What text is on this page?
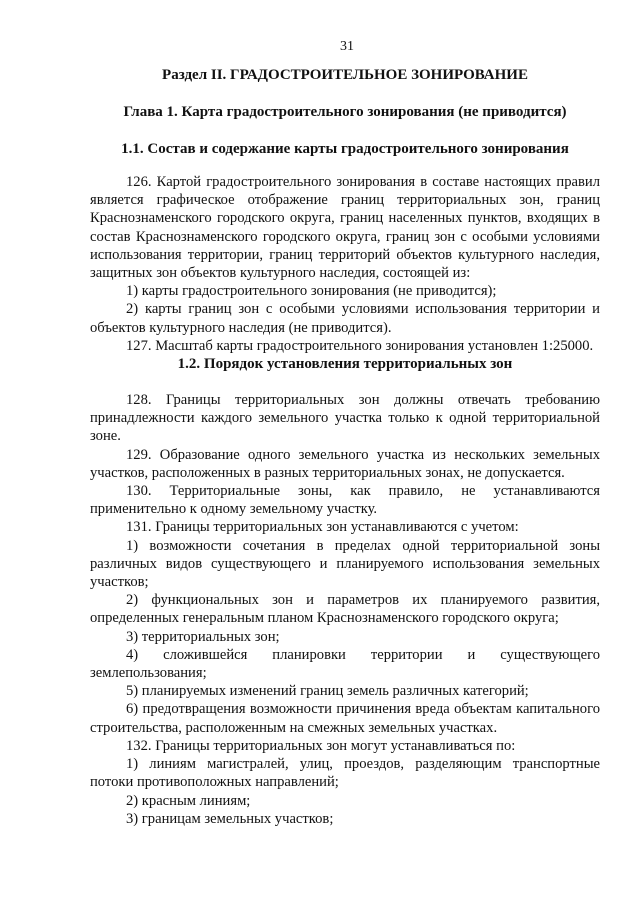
31
Раздел II. ГРАДОСТРОИТЕЛЬНОЕ ЗОНИРОВАНИЕ
Глава 1. Карта градостроительного зонирования (не приводится)
1.1. Состав и содержание карты градостроительного зонирования

126. Картой градостроительного зонирования в составе настоящих правил является графическое отображение границ территориальных зон, границ Краснознаменского городского округа, границ населенных пунктов, входящих в состав Краснознаменского городского округа, границ зон с особыми условиями использования территории, границ территорий объектов культурного наследия, защитных зон объектов культурного наследия, состоящей из:

1) карты градостроительного зонирования (не приводится);

2) карты границ зон с особыми условиями использования территории и объектов культурного наследия (не приводится).

127. Масштаб карты градостроительного зонирования установлен 1:25000.

1.2. Порядок установления территориальных зон

128. Границы территориальных зон должны отвечать требованию принадлежности каждого земельного участка только к одной территориальной зоне.

129. Образование одного земельного участка из нескольких земельных участков, расположенных в разных территориальных зонах, не допускается.

130. Территориальные зоны, как правило, не устанавливаются применительно к одному земельному участку.

131. Границы территориальных зон устанавливаются с учетом:

1) возможности сочетания в пределах одной территориальной зоны различных видов существующего и планируемого использования земельных участков;

2) функциональных зон и параметров их планируемого развития, определенных генеральным планом Краснознаменского городского округа;

3) территориальных зон;

4) сложившейся планировки территории и существующего землепользования;

5) планируемых изменений границ земель различных категорий;

6) предотвращения возможности причинения вреда объектам капитального строительства, расположенным на смежных земельных участках.

132. Границы территориальных зон могут устанавливаться по:

1) линиям магистралей, улиц, проездов, разделяющим транспортные потоки противоположных направлений;

2) красным линиям;

3) границам земельных участков;
